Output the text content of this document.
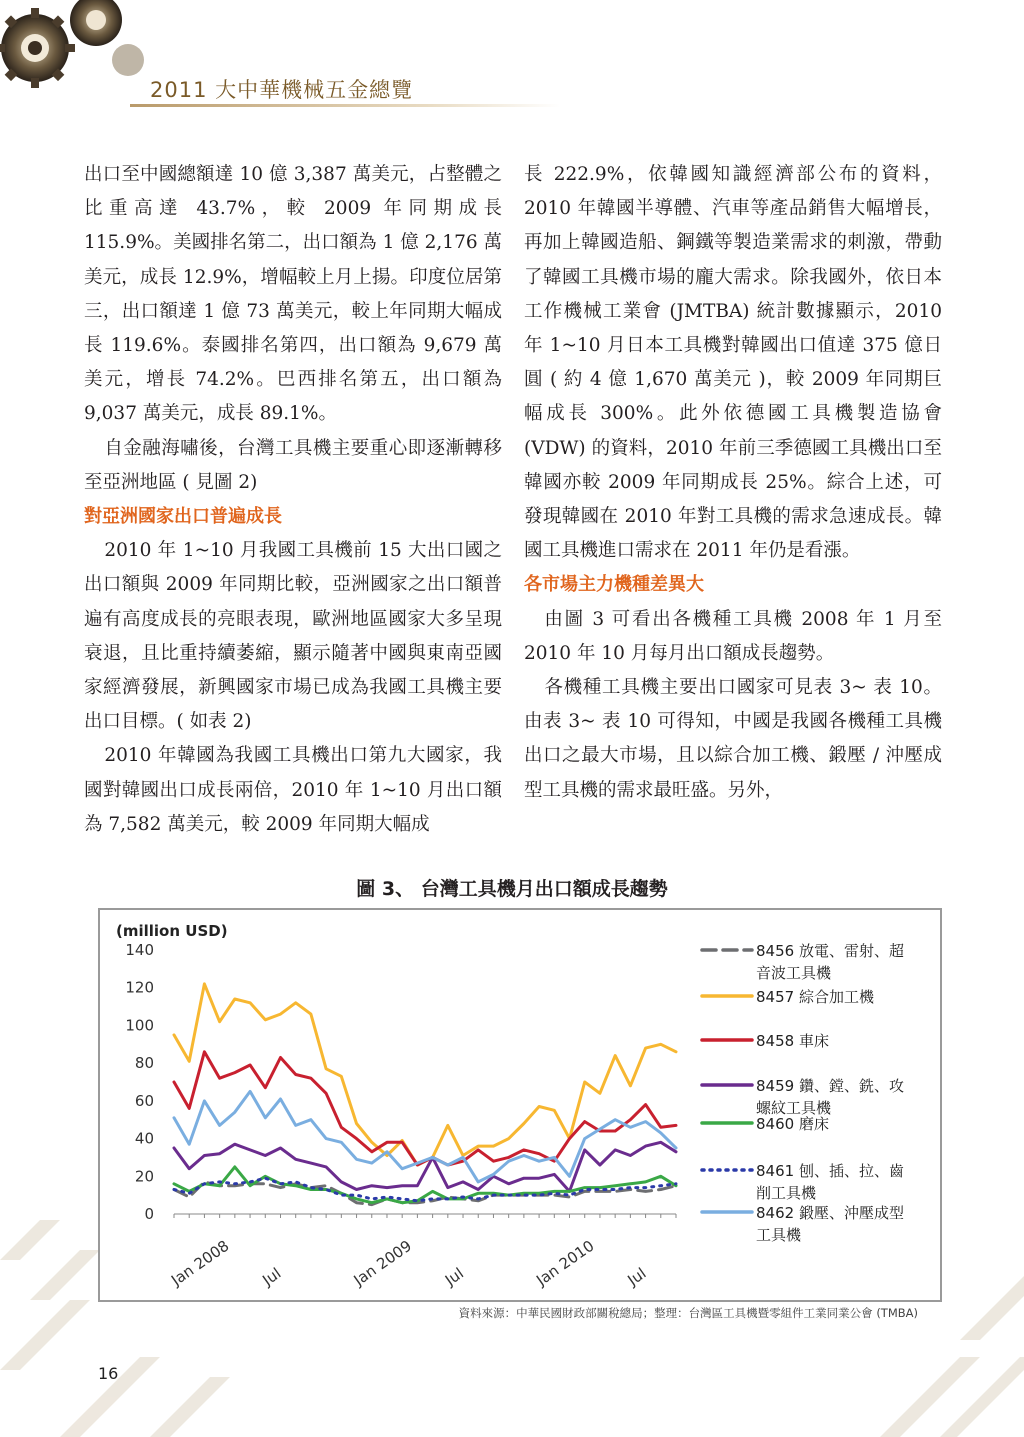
2011 大中華機械五金總覽

出口至中國總額達 10 億 3,387 萬美元，占整體之比重高達 43.7%，較 2009 年同期成長 115.9%。美國排名第二，出口額為 1 億 2,176 萬美元，成長 12.9%，增幅較上月上揚。印度位居第三，出口額達 1 億 73 萬美元，較上年同期大幅成長 119.6%。泰國排名第四，出口額為 9,679 萬美元，增長 74.2%。巴西排名第五，出口額為 9,037 萬美元，成長 89.1%。

自金融海嘯後，台灣工具機主要重心即逐漸轉移至亞洲地區 ( 見圖 2)

對亞洲國家出口普遍成長

2010 年 1~10 月我國工具機前 15 大出口國之出口額與 2009 年同期比較，亞洲國家之出口額普遍有高度成長的亮眼表現，歐洲地區國家大多呈現衰退，且比重持續萎縮，顯示隨著中國與東南亞國家經濟發展，新興國家市場已成為我國工具機主要出口目標。( 如表 2)

2010 年韓國為我國工具機出口第九大國家，我國對韓國出口成長兩倍，2010 年 1~10 月出口額為 7,582 萬美元，較 2009 年同期大幅成

長 222.9%，依韓國知識經濟部公布的資料，2010 年韓國半導體、汽車等產品銷售大幅增長，再加上韓國造船、鋼鐵等製造業需求的刺激，帶動了韓國工具機市場的龐大需求。除我國外，依日本工作機械工業會 (JMTBA) 統計數據顯示，2010 年 1~10 月日本工具機對韓國出口值達 375 億日圓 ( 約 4 億 1,670 萬美元 )，較 2009 年同期巨幅成長 300%。此外依德國工具機製造協會 (VDW) 的資料，2010 年前三季德國工具機出口至韓國亦較 2009 年同期成長 25%。綜合上述，可發現韓國在 2010 年對工具機的需求急速成長。韓國工具機進口需求在 2011 年仍是看漲。

各市場主力機種差異大

由圖 3 可看出各機種工具機 2008 年 1 月至 2010 年 10 月每月出口額成長趨勢。

各機種工具機主要出口國家可見表 3~ 表 10。由表 3~ 表 10 可得知，中國是我國各機種工具機出口之最大市場，且以綜合加工機、鍛壓 / 沖壓成型工具機的需求最旺盛。另外，

圖 3、 台灣工具機月出口額成長趨勢
(million USD)
0
20
40
60
80
100
120
140
Jan 2008 Jul	Jan 2009 Jul	Jan 2010 Jul
8456 放電、雷射、超
音波工具機
8457 綜合加工機
8458 車床
8459 鑽、鏜、銑、攻
螺紋工具機
8460 磨床
8461 刨、插、拉、齒
削工具機
8462 鍛壓、沖壓成型
工具機
資料來源：中華民國財政部關稅總局；整理：台灣區工具機暨零組件工業同業公會 (TMBA)
16
